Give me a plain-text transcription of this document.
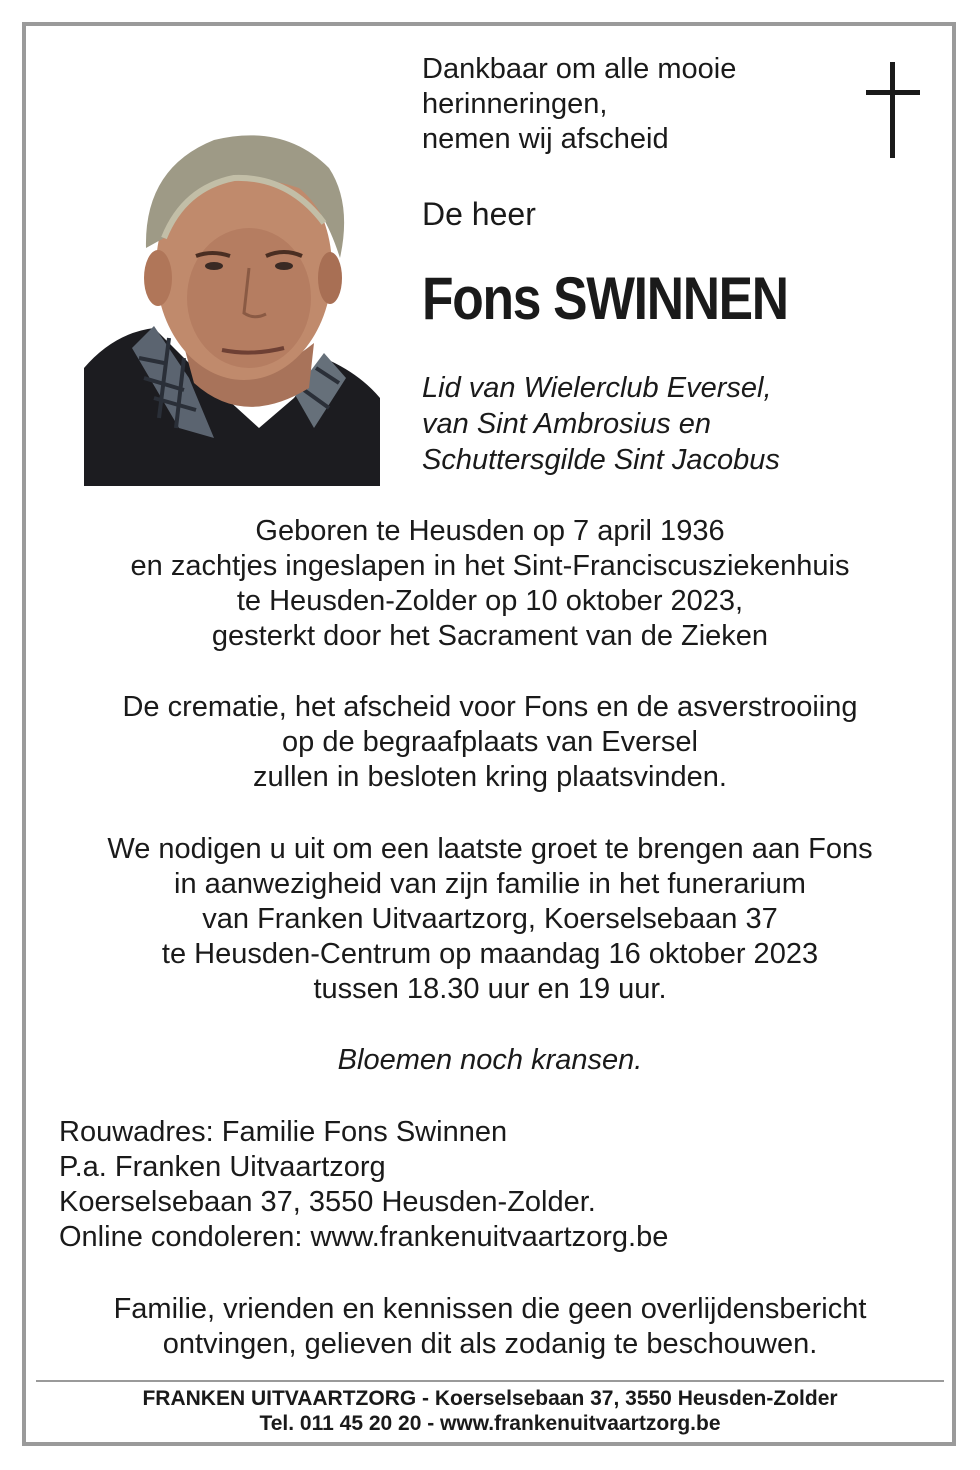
Dankbaar om alle mooie
herinneringen,
nemen wij afscheid
De heer
Fons SWINNEN
Lid van Wielerclub Eversel,
van Sint Ambrosius en
Schuttersgilde Sint Jacobus
Geboren te Heusden op 7 april 1936
en zachtjes ingeslapen in het Sint-Franciscusziekenhuis
te Heusden-Zolder op 10 oktober 2023,
gesterkt door het Sacrament van de Zieken
De crematie, het afscheid voor Fons en de asverstrooiing
op de begraafplaats van Eversel
zullen in besloten kring plaatsvinden.
We nodigen u uit om een laatste groet te brengen aan Fons
in aanwezigheid van zijn familie in het funerarium
van Franken Uitvaartzorg, Koerselsebaan 37
te Heusden-Centrum op maandag 16 oktober 2023
tussen 18.30 uur en 19 uur.
Bloemen noch kransen.
Rouwadres: Familie Fons Swinnen
P.a. Franken Uitvaartzorg
Koerselsebaan 37, 3550 Heusden-Zolder.
Online condoleren: www.frankenuitvaartzorg.be
Familie, vrienden en kennissen die geen overlijdensbericht
ontvingen, gelieven dit als zodanig te beschouwen.
FRANKEN UITVAARTZORG - Koerselsebaan 37, 3550 Heusden-Zolder
Tel. 011 45 20 20 - www.frankenuitvaartzorg.be
